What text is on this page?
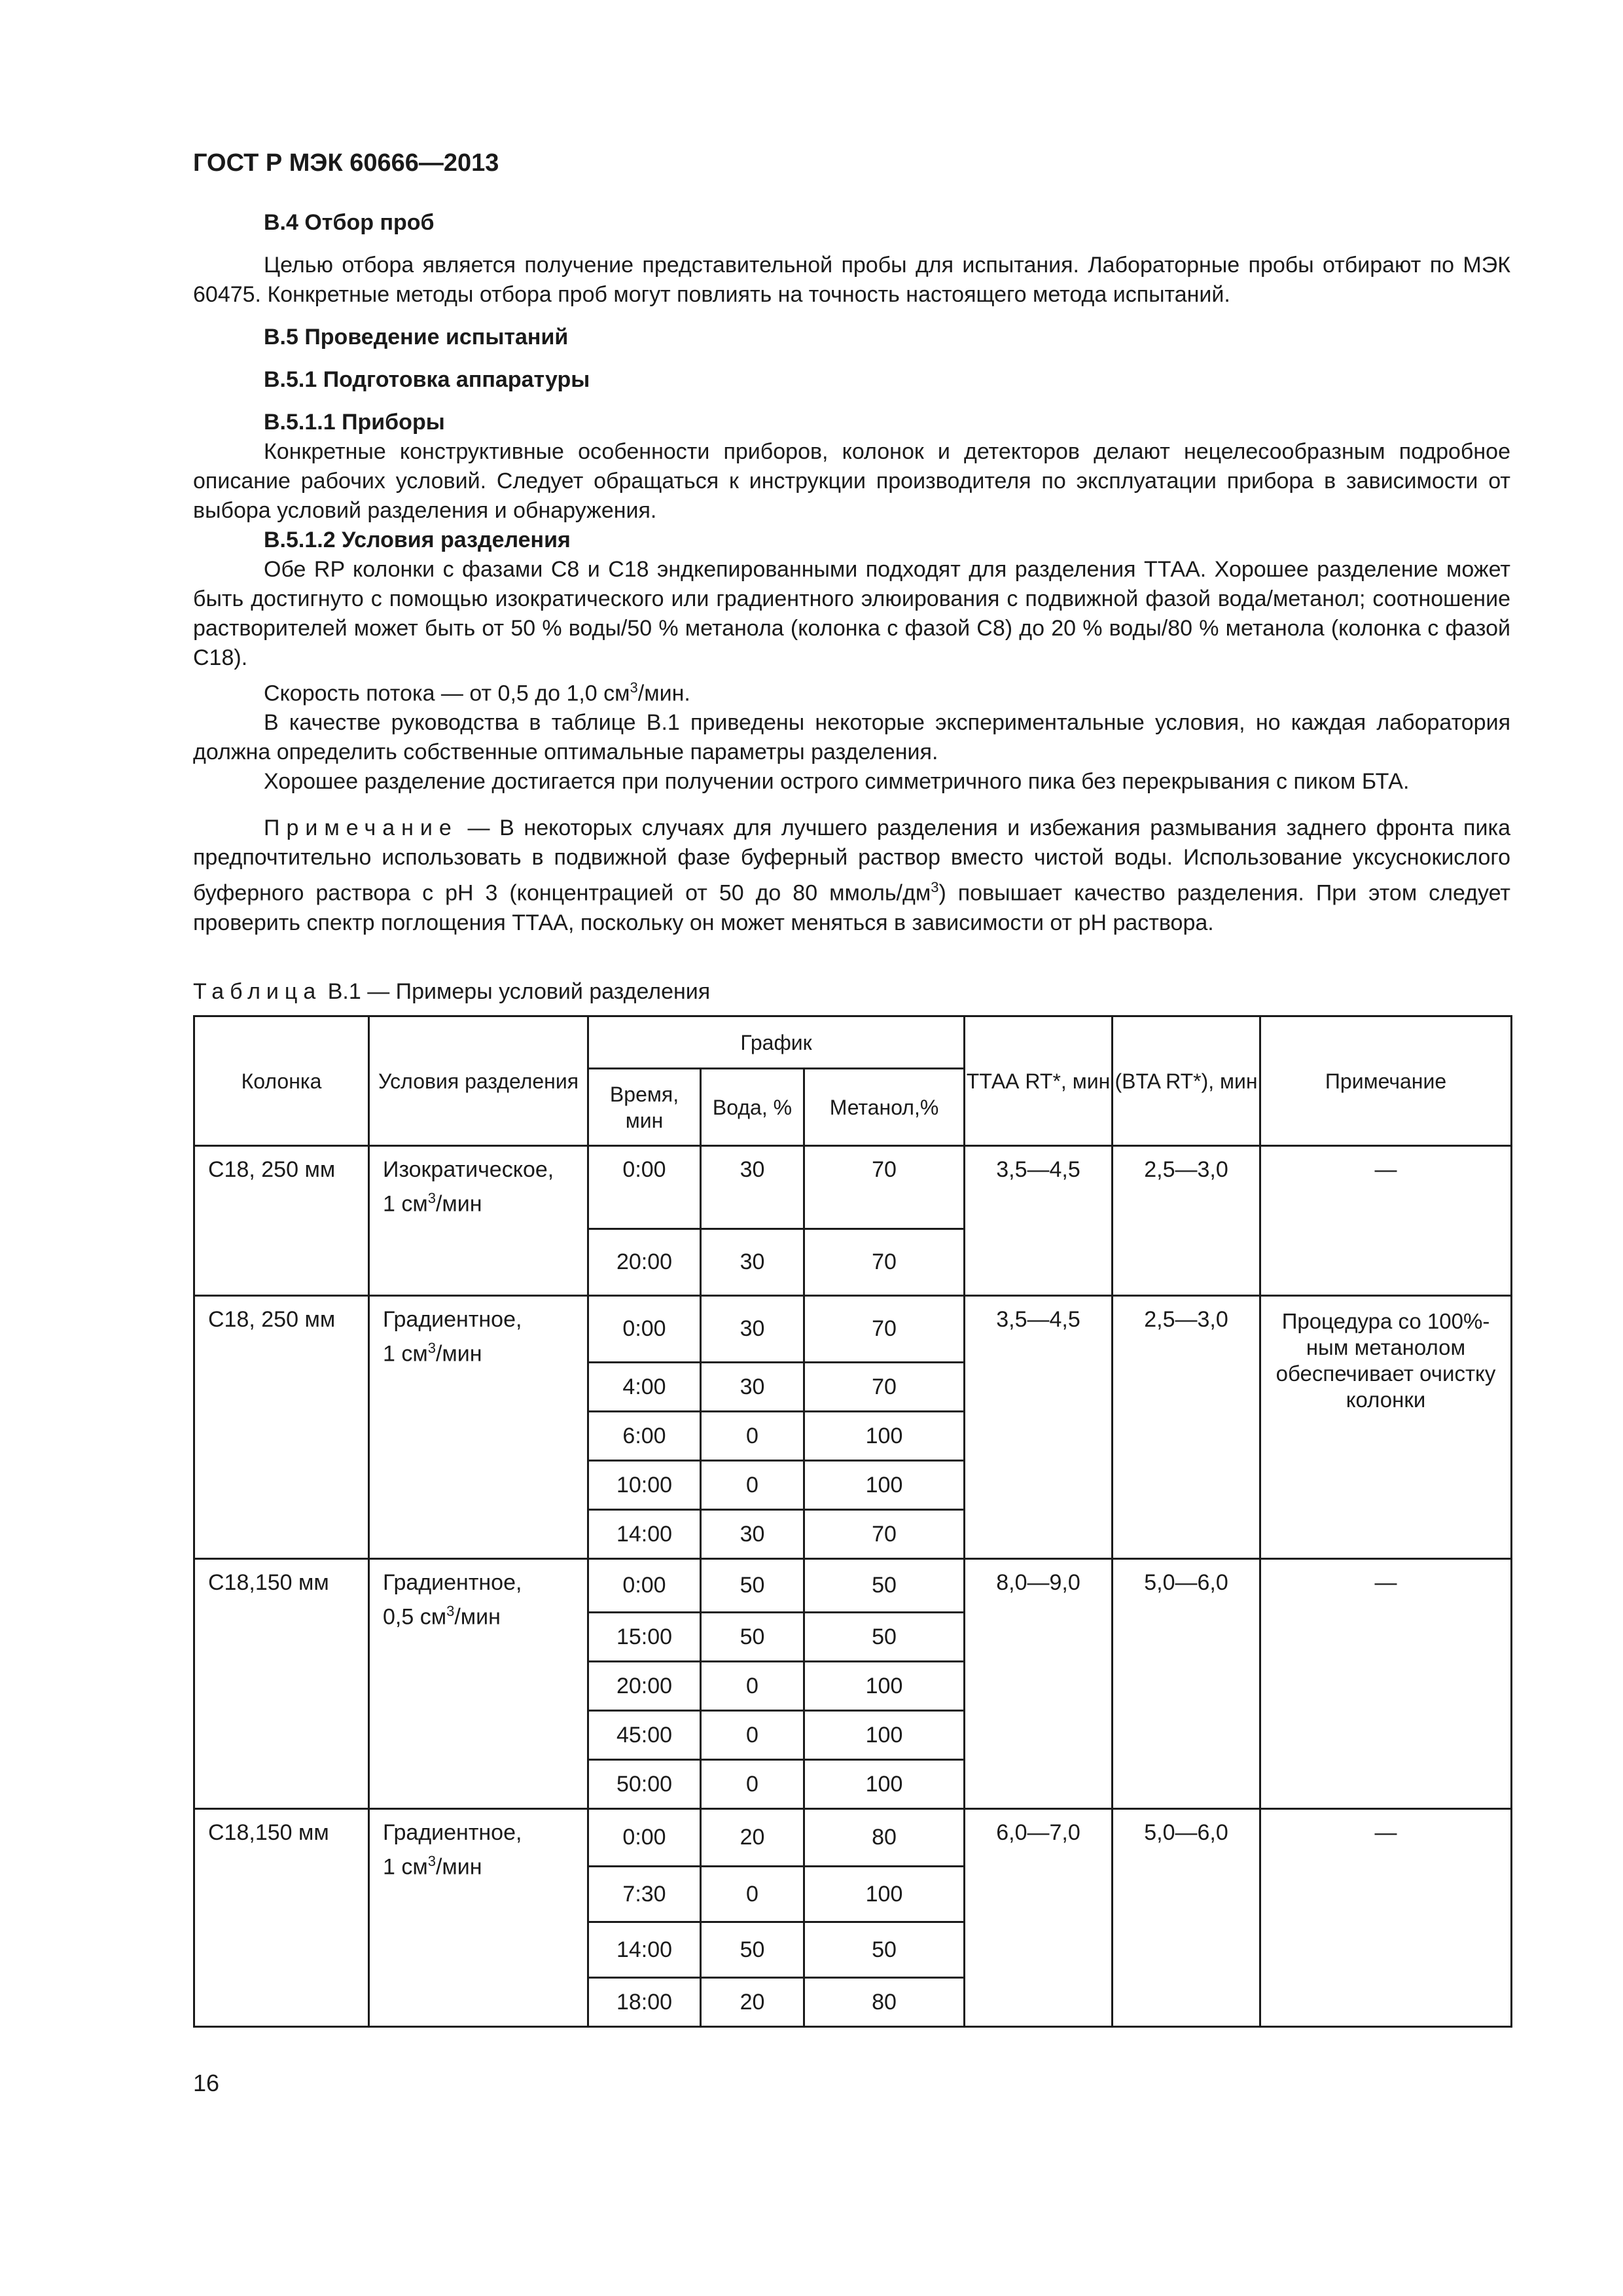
ГОСТ Р МЭК 60666—2013
В.4 Отбор проб

Целью отбора является получение представительной пробы для испытания. Лабораторные пробы отбирают по МЭК 60475. Конкретные методы отбора проб могут повлиять на точность настоящего метода испытаний.

В.5 Проведение испытаний
В.5.1 Подготовка аппаратуры
В.5.1.1 Приборы

Конкретные конструктивные особенности приборов, колонок и детекторов делают нецелесообразным подробное описание рабочих условий. Следует обращаться к инструкции производителя по эксплуатации прибора в зависимости от выбора условий разделения и обнаружения.

В.5.1.2 Условия разделения

Обе RP колонки с фазами С8 и С18 эндкепированными подходят для разделения ТТАА. Хорошее разделение может быть достигнуто с помощью изократического или градиентного элюирования с подвижной фазой вода/метанол; соотношение растворителей может быть от 50 % воды/50 % метанола (колонка с фазой С8) до 20 % воды/80 % метанола (колонка с фазой С18).

Скорость потока — от 0,5 до 1,0 $см^3$/мин.

В качестве руководства в таблице В.1 приведены некоторые экспериментальные условия, но каждая лаборатория должна определить собственные оптимальные параметры разделения.

Хорошее разделение достигается при получении острого симметричного пика без перекрывания с пиком БТА.

Примечание — В некоторых случаях для лучшего разделения и избежания размывания заднего фронта пика предпочтительно использовать в подвижной фазе буферный раствор вместо чистой воды. Использование уксуснокислого буферного раствора с рН 3 (концентрацией от 50 до 80 ммоль/$дм^3$) повышает качество разделения. При этом следует проверить спектр поглощения ТТАА, поскольку он может меняться в зависимости от рН раствора.

Таблица В.1 — Примеры условий разделения
Колонка	Условия разделения	График			ТТАА RT*, мин	(BTA RT*), мин	Примечание
		Время, мин	Вода, %	Метанол,%			
С18, 250 мм	Изократическое,
1 $см^3$/мин	0:00	30	70	3,5—4,5	2,5—3,0	—
		20:00	30	70			
С18, 250 мм	Градиентное,
1 $см^3$/мин	0:00	30	70	3,5—4,5	2,5—3,0	Процедура со 100%-ным метанолом обеспечивает очистку колонки
		4:00	30	70			
		6:00	0	100			
		10:00	0	100			
		14:00	30	70			
С18,150 мм	Градиентное,
0,5 $см^3$/мин	0:00	50	50	8,0—9,0	5,0—6,0	—
		15:00	50	50			
		20:00	0	100			
		45:00	0	100			
		50:00	0	100			
С18,150 мм	Градиентное,
1 $см^3$/мин	0:00	20	80	6,0—7,0	5,0—6,0	—
		7:30	0	100			
		14:00	50	50			
		18:00	20	80			
16
